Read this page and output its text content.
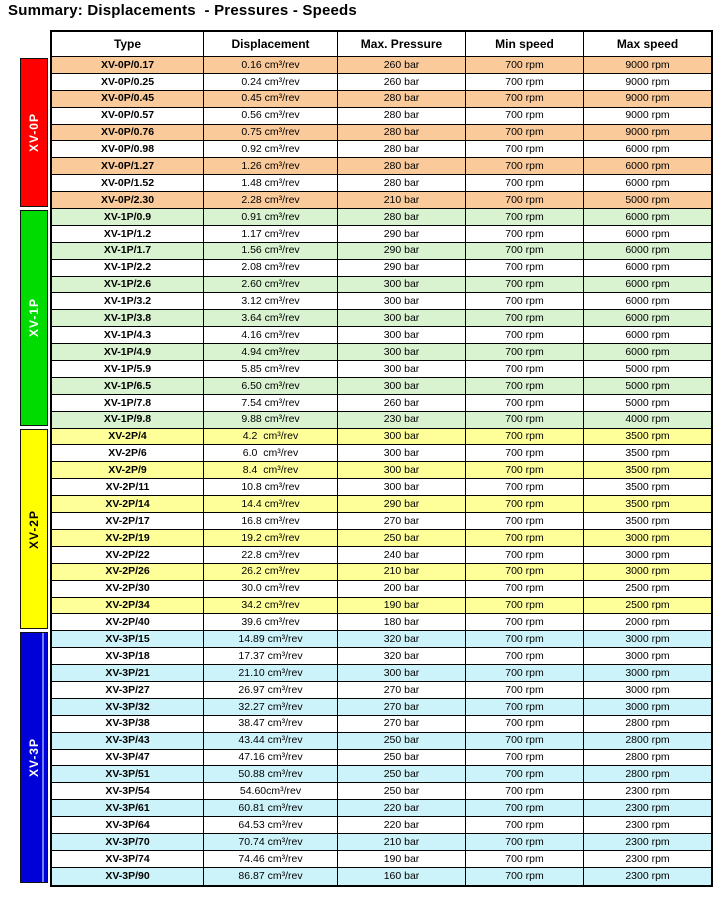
Summary: Displacements  - Pressures - Speeds
XV-0P
XV-1P
XV-2P
XV-3P
Type	Displacement	Max. Pressure	Min speed	Max speed
XV-0P/0.17	0.16 cm³/rev	260 bar	700 rpm	9000 rpm
XV-0P/0.25	0.24 cm³/rev	260 bar	700 rpm	9000 rpm
XV-0P/0.45	0.45 cm³/rev	280 bar	700 rpm	9000 rpm
XV-0P/0.57	0.56 cm³/rev	280 bar	700 rpm	9000 rpm
XV-0P/0.76	0.75 cm³/rev	280 bar	700 rpm	9000 rpm
XV-0P/0.98	0.92 cm³/rev	280 bar	700 rpm	6000 rpm
XV-0P/1.27	1.26 cm³/rev	280 bar	700 rpm	6000 rpm
XV-0P/1.52	1.48 cm³/rev	280 bar	700 rpm	6000 rpm
XV-0P/2.30	2.28 cm³/rev	210 bar	700 rpm	5000 rpm
XV-1P/0.9	0.91 cm³/rev	280 bar	700 rpm	6000 rpm
XV-1P/1.2	1.17 cm³/rev	290 bar	700 rpm	6000 rpm
XV-1P/1.7	1.56 cm³/rev	290 bar	700 rpm	6000 rpm
XV-1P/2.2	2.08 cm³/rev	290 bar	700 rpm	6000 rpm
XV-1P/2.6	2.60 cm³/rev	300 bar	700 rpm	6000 rpm
XV-1P/3.2	3.12 cm³/rev	300 bar	700 rpm	6000 rpm
XV-1P/3.8	3.64 cm³/rev	300 bar	700 rpm	6000 rpm
XV-1P/4.3	4.16 cm³/rev	300 bar	700 rpm	6000 rpm
XV-1P/4.9	4.94 cm³/rev	300 bar	700 rpm	6000 rpm
XV-1P/5.9	5.85 cm³/rev	300 bar	700 rpm	5000 rpm
XV-1P/6.5	6.50 cm³/rev	300 bar	700 rpm	5000 rpm
XV-1P/7.8	7.54 cm³/rev	260 bar	700 rpm	5000 rpm
XV-1P/9.8	9.88 cm³/rev	230 bar	700 rpm	4000 rpm
XV-2P/4	4.2  cm³/rev	300 bar	700 rpm	3500 rpm
XV-2P/6	6.0  cm³/rev	300 bar	700 rpm	3500 rpm
XV-2P/9	8.4  cm³/rev	300 bar	700 rpm	3500 rpm
XV-2P/11	10.8 cm³/rev	300 bar	700 rpm	3500 rpm
XV-2P/14	14.4 cm³/rev	290 bar	700 rpm	3500 rpm
XV-2P/17	16.8 cm³/rev	270 bar	700 rpm	3500 rpm
XV-2P/19	19.2 cm³/rev	250 bar	700 rpm	3000 rpm
XV-2P/22	22.8 cm³/rev	240 bar	700 rpm	3000 rpm
XV-2P/26	26.2 cm³/rev	210 bar	700 rpm	3000 rpm
XV-2P/30	30.0 cm³/rev	200 bar	700 rpm	2500 rpm
XV-2P/34	34.2 cm³/rev	190 bar	700 rpm	2500 rpm
XV-2P/40	39.6 cm³/rev	180 bar	700 rpm	2000 rpm
XV-3P/15	14.89 cm³/rev	320 bar	700 rpm	3000 rpm
XV-3P/18	17.37 cm³/rev	320 bar	700 rpm	3000 rpm
XV-3P/21	21.10 cm³/rev	300 bar	700 rpm	3000 rpm
XV-3P/27	26.97 cm³/rev	270 bar	700 rpm	3000 rpm
XV-3P/32	32.27 cm³/rev	270 bar	700 rpm	3000 rpm
XV-3P/38	38.47 cm³/rev	270 bar	700 rpm	2800 rpm
XV-3P/43	43.44 cm³/rev	250 bar	700 rpm	2800 rpm
XV-3P/47	47.16 cm³/rev	250 bar	700 rpm	2800 rpm
XV-3P/51	50.88 cm³/rev	250 bar	700 rpm	2800 rpm
XV-3P/54	54.60cm³/rev	250 bar	700 rpm	2300 rpm
XV-3P/61	60.81 cm³/rev	220 bar	700 rpm	2300 rpm
XV-3P/64	64.53 cm³/rev	220 bar	700 rpm	2300 rpm
XV-3P/70	70.74 cm³/rev	210 bar	700 rpm	2300 rpm
XV-3P/74	74.46 cm³/rev	190 bar	700 rpm	2300 rpm
XV-3P/90	86.87 cm³/rev	160 bar	700 rpm	2300 rpm
